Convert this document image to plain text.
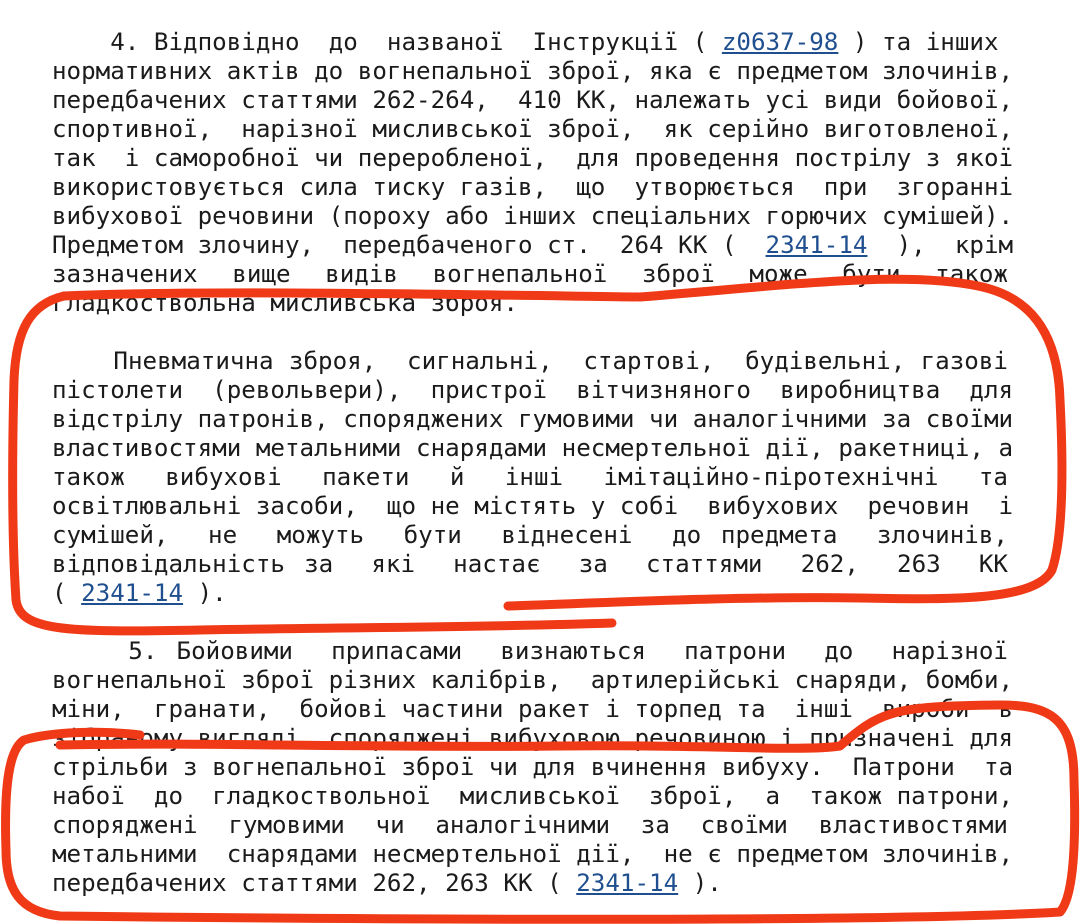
4. Відповідно  до  названої  Інструкції ( z0637-98 ) та інших
нормативних актів до вогнепальної зброї, яка є предметом злочинів,
передбачених статтями 262-264,  410 КК, належать усі види бойової,
спортивної,  нарізної мисливської зброї,  як серійно виготовленої,
так  і саморобної чи переробленої,  для проведення пострілу з якої
використовується сила тиску газів,  що  утворюється  при  згоранні
вибухової речовини (пороху або інших спеціальних горючих сумішей).
Предметом злочину,  передбаченого ст.  264 КК (  2341-14  ),  крім
зазначених  вище  видів  вогнепальної  зброї  може  бути  також
гладкоствольна мисливська зброя.
Пневматична зброя,  сигнальні,  стартові,  будівельні, газові
пістолети  (револьвери),  пристрої  вітчизняного  виробництва  для
відстрілу патронів, споряджених гумовими чи аналогічними за своїми
властивостями метальними снарядами несмертельної дії, ракетниці, а
також  вибухові  пакети  й  інші  імітаційно-піротехнічні  та
освітлювальні засоби,  що не містять у собі  вибухових  речовин  і
сумішей,  не  можуть  бути  віднесені  до предмета  злочинів,
відповідальність за  які  настає  за  статтями  262,  263  КК
( 2341-14 ).
5. Бойовими  припасами  визнаються  патрони  до  нарізної
вогнепальної зброї різних калібрів,  артилерійські снаряди, бомби,
міни,  гранати,  бойові частини ракет і торпед та  інші  вироби  в
зібраному вигляді, споряджені вибуховою речовиною і призначені для
стрільби з вогнепальної зброї чи для вчинення вибуху.  Патрони  та
набої  до  гладкоствольної  мисливської  зброї,  а  також патрони,
споряджені  гумовими  чи  аналогічними  за  своїми  властивостями
метальними  снарядами несмертельної дії,  не є предметом злочинів,
передбачених статтями 262, 263 КК ( 2341-14 ).
